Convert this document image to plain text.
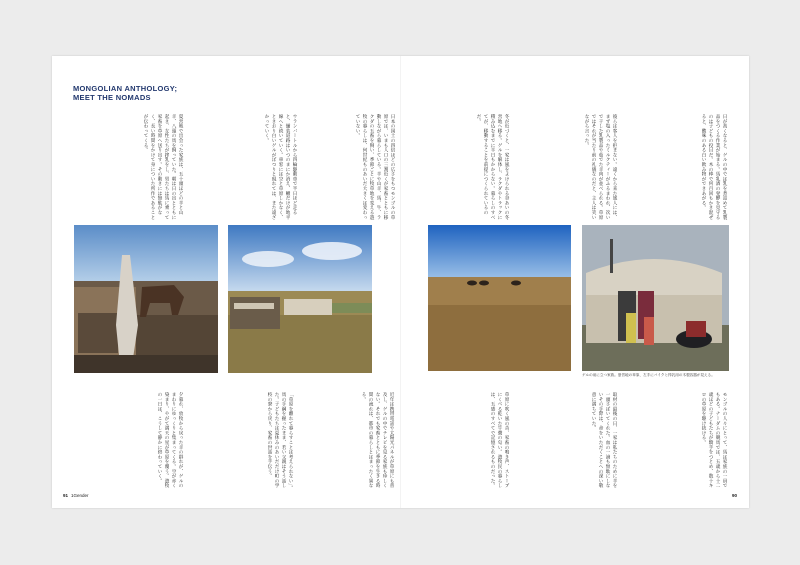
MONGOLIAN ANTHOLOGY;
MEET THE NOMADS
日本の国土の四倍ほどの広さをもつモンゴルの草原では、いまも人口の三割近くが家畜とともに移動しながら暮らしている。羊や山羊、馬、牛、ラクダの五畜を飼い、季節ごとに牧草地を変える遊牧の暮らしは、何世紀ものあいだ大きくは変わっていない。
ウランバートルから四輪駆動車で半日ほど走ると、舗装道路はいつのまにか消え、轍だけが地平線へと続いていく。車窓には空と草原しかなく、ときおり白いゲルがぽつりと現れては、また遠ざかっていく。
夏営地で出会った家族は、五十頭ほどの羊と山羊、八頭の馬を飼っていた。朝は日の出とともに起き、女性たちが搾乳をし、男たちは馬に乗って家畜を草原へ送り出す。その動きには無駄がなく、長い時間をかけて身についた所作であることが伝わってくる。	日が高くなると、ゲルの中では乳を煮詰めて乳製品をつくる作業が始まる。馬乳酒の発酵を見守るのは子どもの役目だ。木の棒で何百回もかき混ぜると、酸味のある白い飲み物ができあがる。
彼らは客人を拒まない。遠くから来た旅人には、まず塩の入ったミルクティーがふるまわれ、次いで干した乳製品や茹でた羊肉が並べられる。草原ではそれが当たり前の礼儀なのだと、主人は笑いながら言った。
冬が近づくと、一家は風をよけられる谷あいの冬営地へ移る。ゲルを解体し、ラクダやトラックに積み込むまでに半日もかからない。暮らしのすべてが、移動することを前提につくられているのだ。
ゲルの前に立つ家族。夏営地の草原、左手にバイクと搾乳用の木製容器が見える。
近年は携帯電話や太陽光パネルが草原にも普及し、ゲルの中でテレビを見る家族も珍しくない。それでも家畜とともに季節を生きる時間の流れは、都市の暮らしとはまったく異なる。
「草原を離れて暮らすことは考えられない」。馬の手綱を握ったまま、若い父親はそう話した。子どもたちは夏休みのあいだだけ町の学校の寮から戻り、家畜の世話を手伝う。
夕暮れ、放牧から戻った羊の群れが、ゲルのまわりにゆっくりと集まってくる。空が赤く染まり、やがて満天の星が草原を覆う。遊牧の一日は、こうして静かに終わっていく。	モンゴルの人々にとって、馬は家族の一員でもある。ナーダムの競馬では、五歳から十二歳ほどの子どもたちが騎手をつとめ、数十キロの草原を駆け抜ける。
取材の最後の日、一家は私たちのために羊を一頭さばいてくれた。血の一滴も無駄にしないその手際は、命をいただくことへの深い敬意に満ちていた。
草原に吹く風の音、家畜の鳴き声、ストーブにくべる乾いた牛糞の匂い。遊牧民の暮らしは、五感のすべてで記憶されるものだった。
91 1Gender	90
